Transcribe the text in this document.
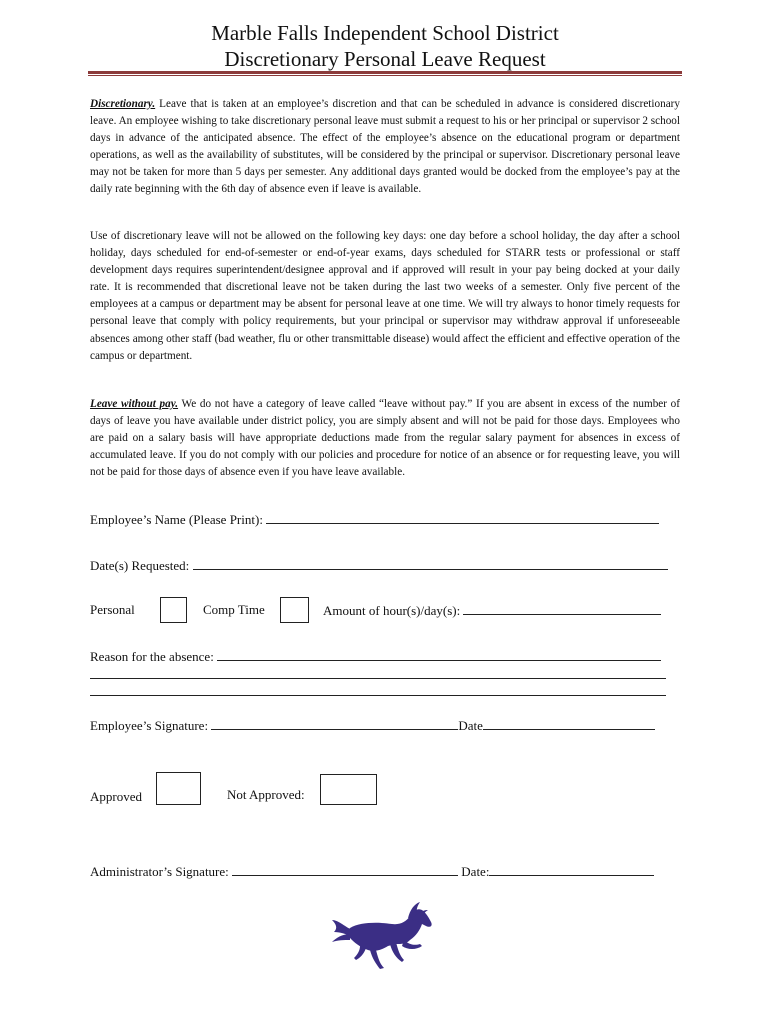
Marble Falls Independent School District
Discretionary Personal Leave Request
Discretionary. Leave that is taken at an employee’s discretion and that can be scheduled in advance is considered discretionary leave. An employee wishing to take discretionary personal leave must submit a request to his or her principal or supervisor 2 school days in advance of the anticipated absence. The effect of the employee’s absence on the educational program or department operations, as well as the availability of substitutes, will be considered by the principal or supervisor. Discretionary personal leave may not be taken for more than 5 days per semester. Any additional days granted would be docked from the employee’s pay at the daily rate beginning with the 6th day of absence even if leave is available.
Use of discretionary leave will not be allowed on the following key days: one day before a school holiday, the day after a school holiday, days scheduled for end-of-semester or end-of-year exams, days scheduled for STARR tests or professional or staff development days requires superintendent/designee approval and if approved will result in your pay being docked at your daily rate. It is recommended that discretional leave not be taken during the last two weeks of a semester. Only five percent of the employees at a campus or department may be absent for personal leave at one time. We will try always to honor timely requests for personal leave that comply with policy requirements, but your principal or supervisor may withdraw approval if unforeseeable absences among other staff (bad weather, flu or other transmittable disease) would affect the efficient and effective operation of the campus or department.
Leave without pay. We do not have a category of leave called “leave without pay.” If you are absent in excess of the number of days of leave you have available under district policy, you are simply absent and will not be paid for those days. Employees who are paid on a salary basis will have appropriate deductions made from the regular salary payment for absences in excess of accumulated leave. If you do not comply with our policies and procedure for notice of an absence or for requesting leave, you will not be paid for those days of absence even if you have leave available.
Employee’s Name (Please Print):
Date(s) Requested:
Personal	Comp Time	Amount of hour(s)/day(s):
Reason for the absence:
Employee’s Signature:	Date
Approved	Not Approved:
Administrator’s Signature:	Date:
